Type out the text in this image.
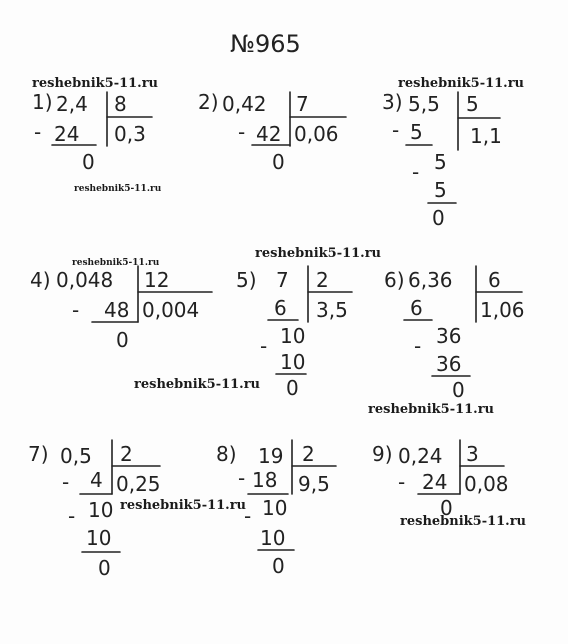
№965
reshebnik5-11.ru	reshebnik5-11.ru
reshebnik5-11.ru
reshebnik5-11.ru
reshebnik5-11.ru
reshebnik5-11.ru
reshebnik5-11.ru
reshebnik5-11.ru
reshebnik5-11.ru
1) 2,4 8
- 24 0,3
0
2) 0,42 7
- 42 0,06
0
3) 5,5 5
- 5 1,1
- 5
5
0
4) 0,048 12
- 48 0,004
0
5) 7 2
6 3,5
- 10
10
0
6) 6,36 6
6	1,06
- 36
36
0
7) 0,5 2
- 4 0,25
- 10
10
0
8) 19 2
- 18 9,5
- 10
10
0
9) 0,24 3
- 24 0,08
0
